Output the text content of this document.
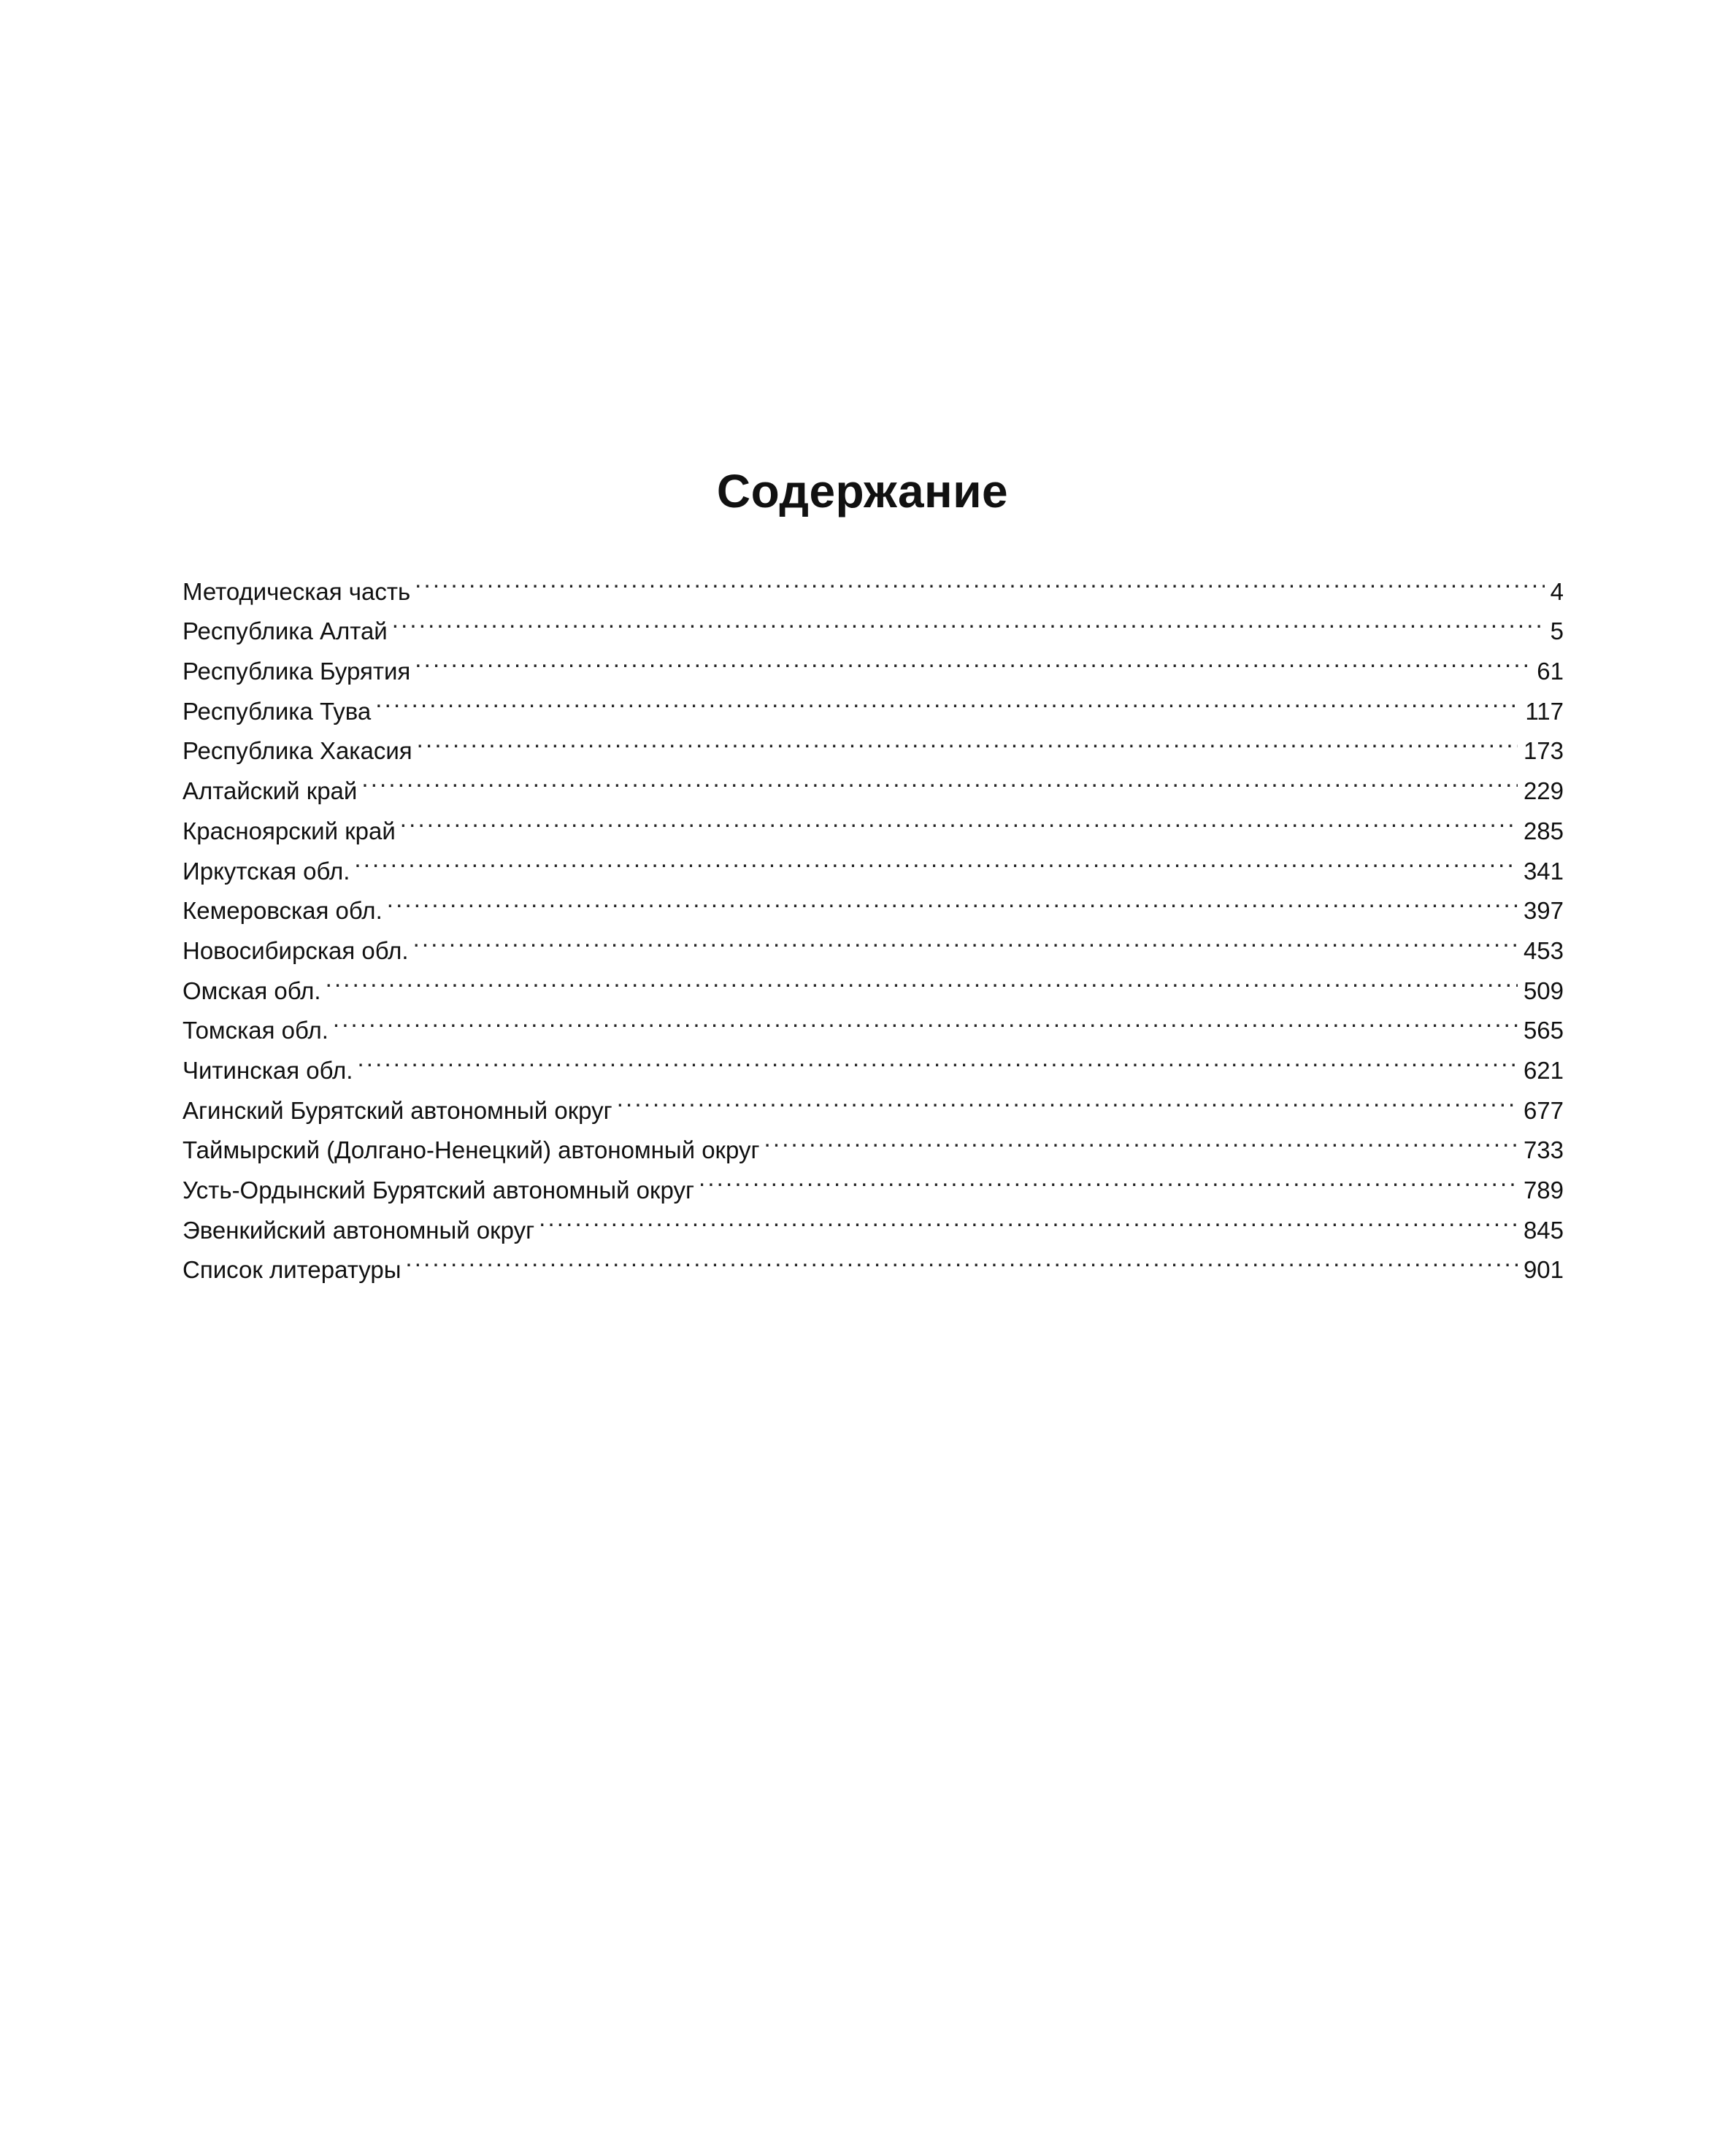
Содержание
Методическая часть . . .	4
Республика Алтай . . .	5
Республика Бурятия . . .	61
Республика Тува . . .	117
Республика Хакасия . . .	173
Алтайский край . . .	229
Красноярский край . . .	285
Иркутская обл. . . .	341
Кемеровская обл. . . .	397
Новосибирская обл. . . .	453
Омская обл. . . .	509
Томская обл. . . .	565
Читинская обл. . . .	621
Агинский Бурятский автономный округ . . .	677
Таймырский (Долгано-Ненецкий) автономный округ . . .	733
Усть-Ордынский Бурятский автономный округ . . .	789
Эвенкийский автономный округ . . .	845
Список литературы . . .	901
